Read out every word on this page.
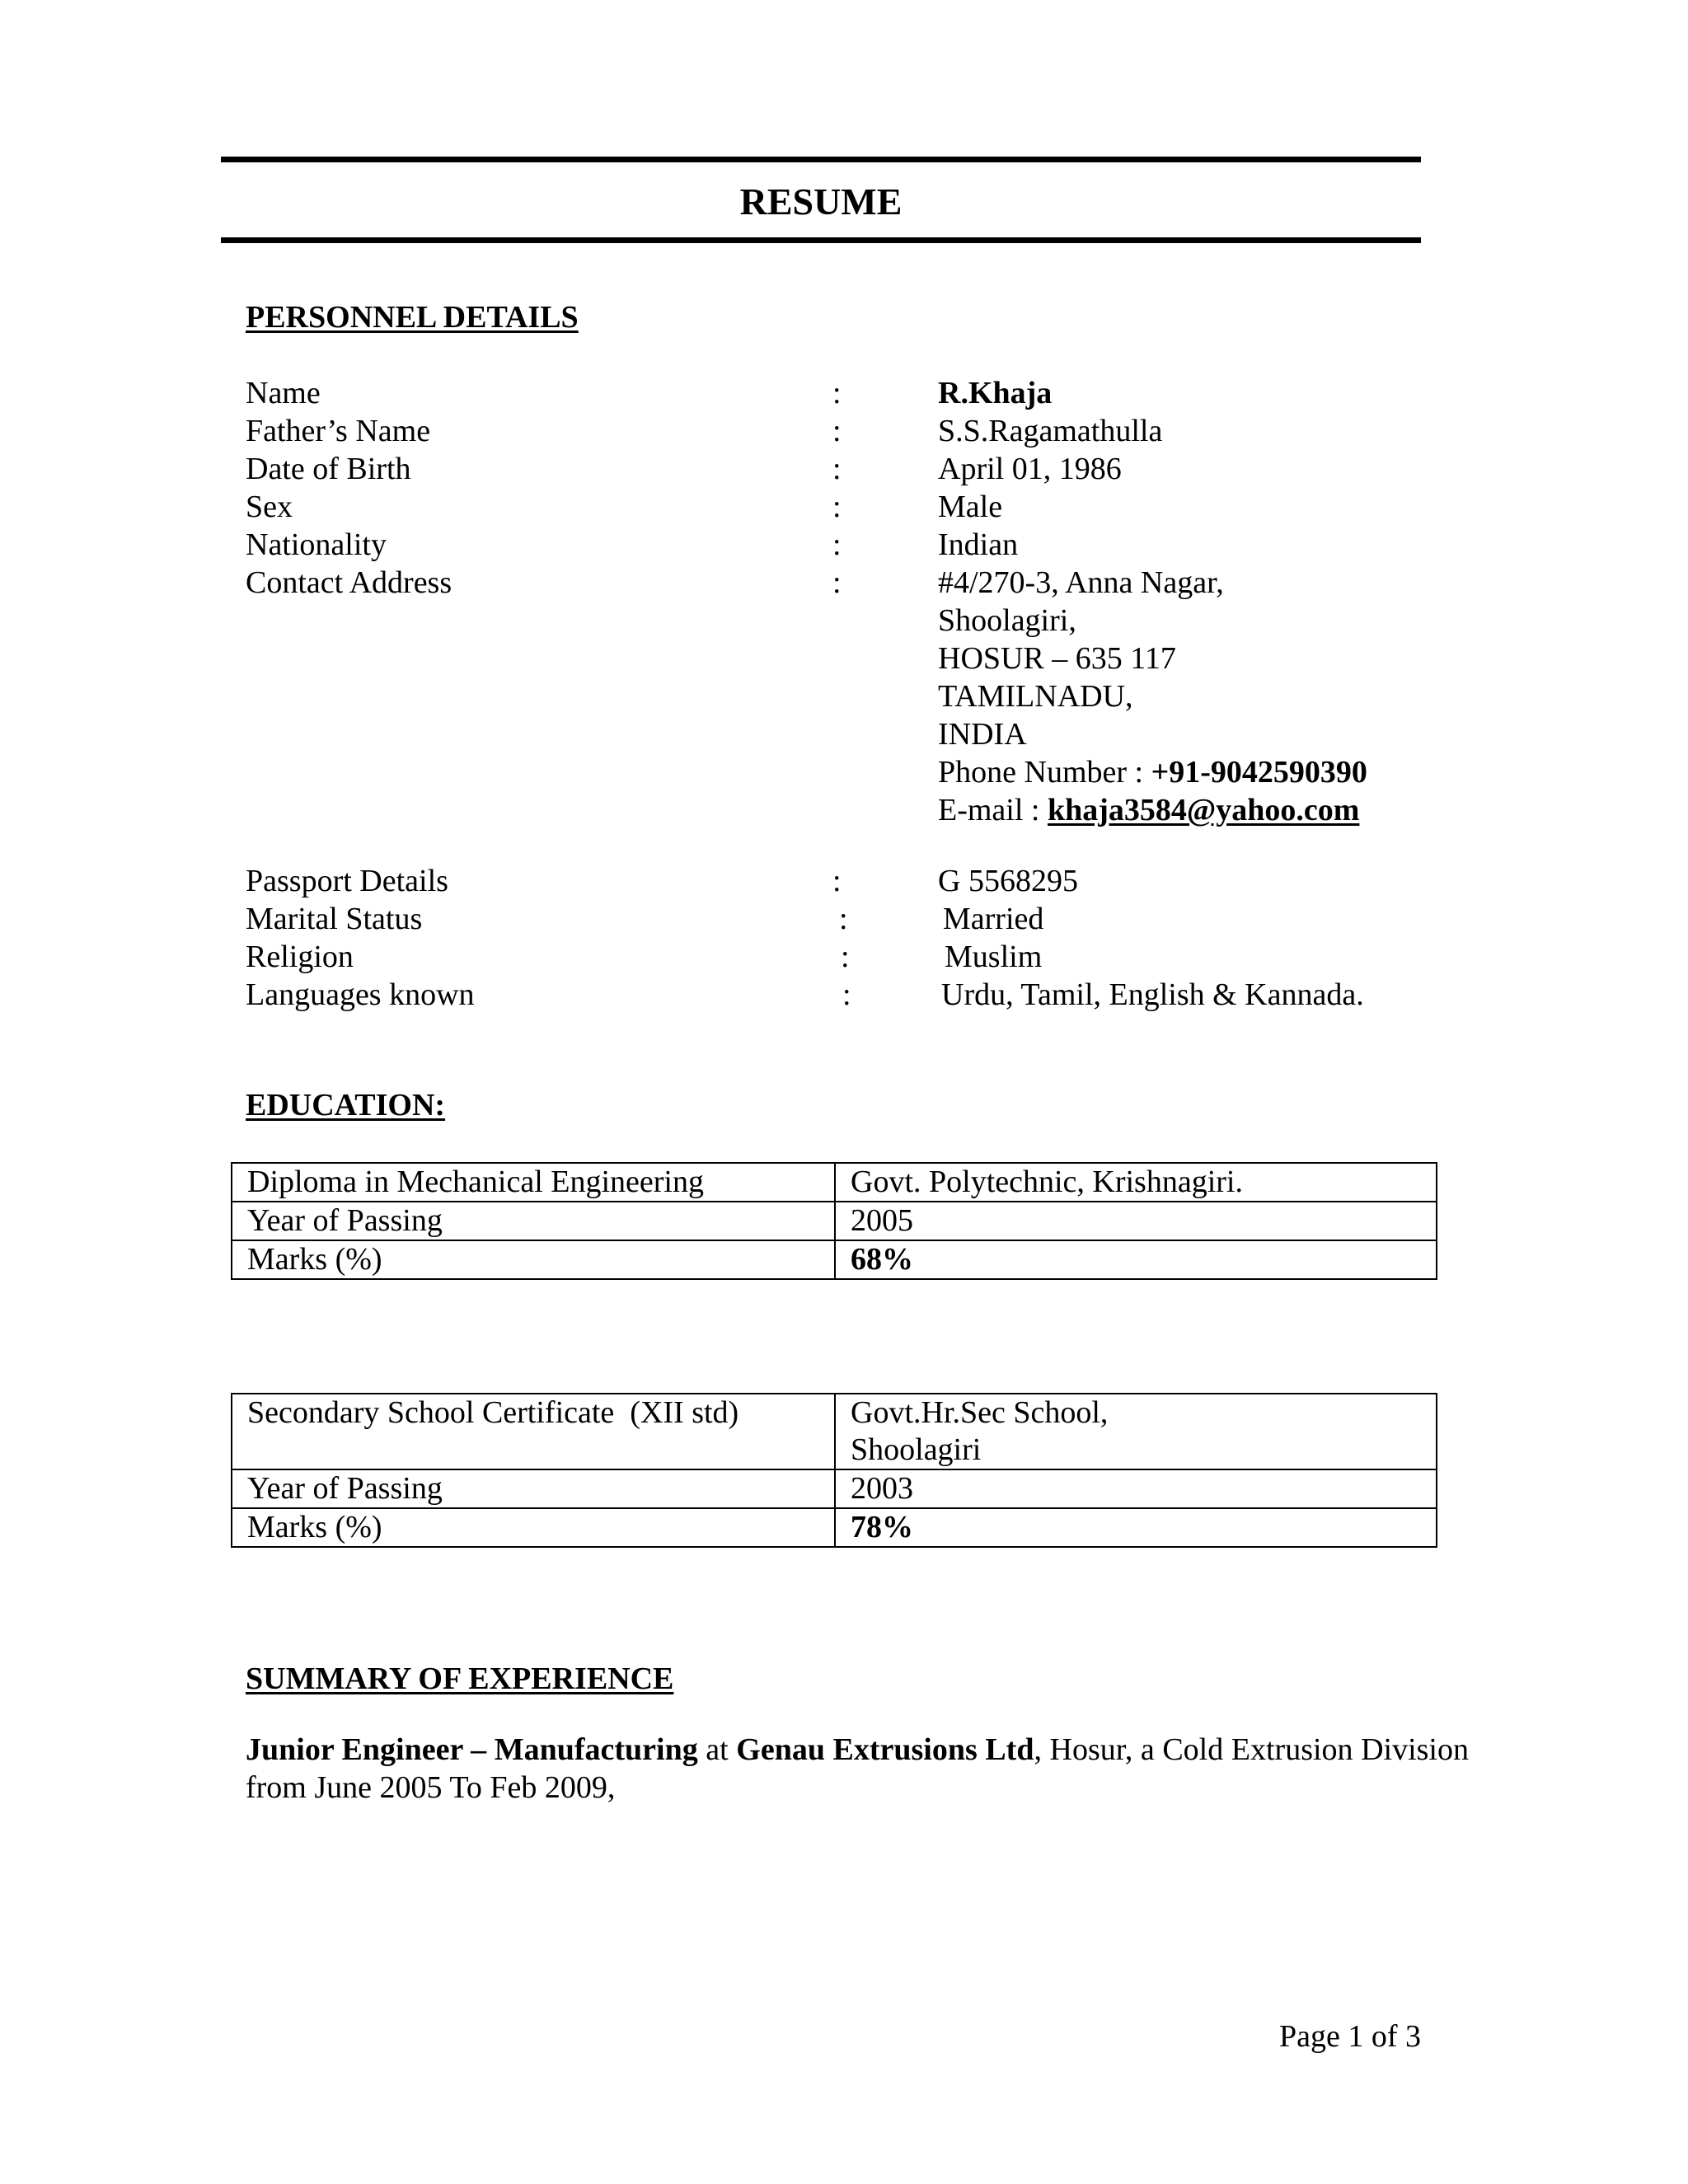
RESUME
PERSONNEL DETAILS
Name	:	R.Khaja
Father’s Name	:	S.S.Ragamathulla
Date of Birth	:	April 01, 1986
Sex	:	Male
Nationality	:	Indian
Contact Address	:	#4/270-3, Anna Nagar,
Shoolagiri,
HOSUR – 635 117
TAMILNADU,
INDIA
Phone Number : +91-9042590390
E-mail : khaja3584@yahoo.com
Passport Details	:	G 5568295
Marital Status	:	Married
Religion	:	Muslim
Languages known	:	Urdu, Tamil, English & Kannada.
EDUCATION:
Diploma in Mechanical Engineering	Govt. Polytechnic, Krishnagiri.
Year of Passing	2005
Marks (%)	68%
Secondary School Certificate  (XII std)	Govt.Hr.Sec School,
Shoolagiri

Year of Passing	2003
Marks (%)	78%
SUMMARY OF EXPERIENCE
Junior Engineer – Manufacturing at Genau Extrusions Ltd, Hosur, a Cold Extrusion Division from June 2005 To Feb 2009,
Page 1 of 3
